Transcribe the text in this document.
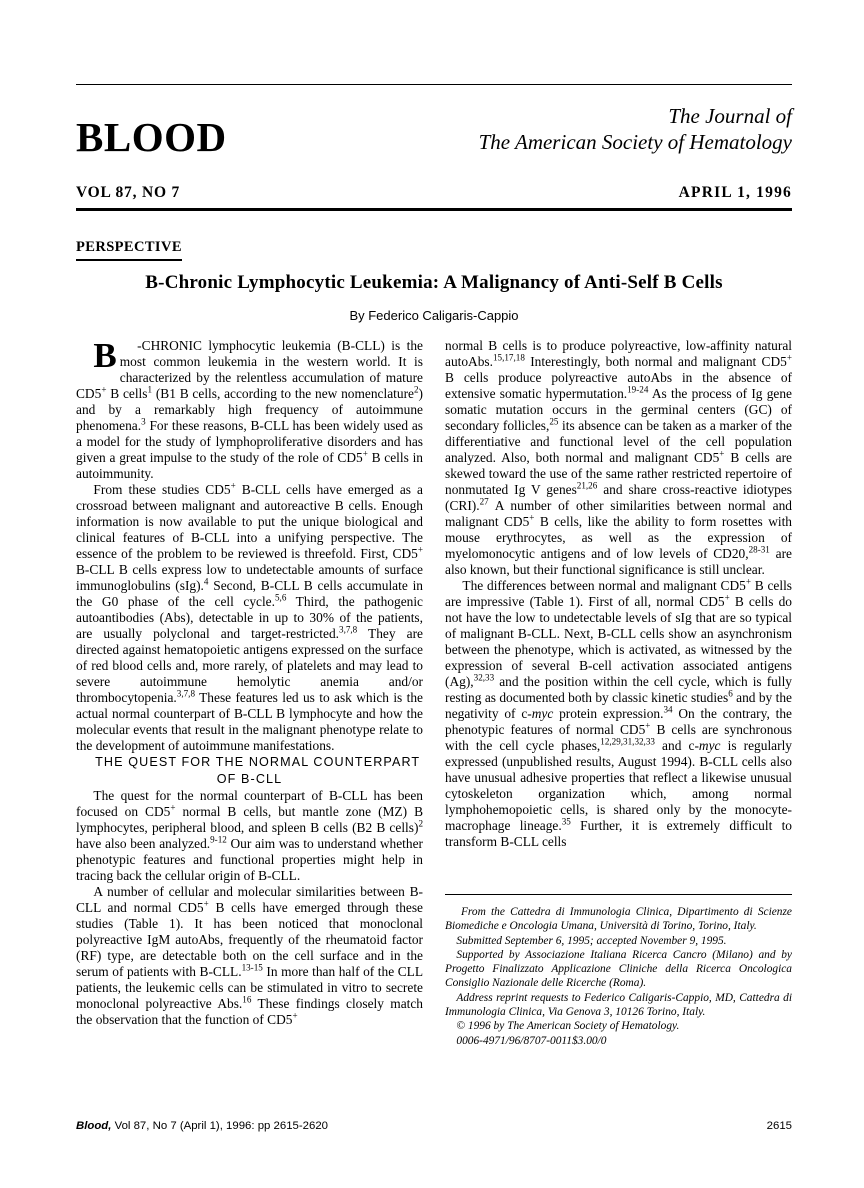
BLOOD	The Journal of
The American Society of Hematology
VOL 87, NO 7	APRIL 1, 1996
PERSPECTIVE
B-Chronic Lymphocytic Leukemia: A Malignancy of Anti-Self B Cells
By Federico Caligaris-Cappio

B -CHRONIC lymphocytic leukemia (B-CLL) is the most common leukemia in the western world. It is characterized by the relentless accumulation of mature CD5+ B cells$^1$ (B1 B cells, according to the new nomenclature$^2$) and by a remarkably high frequency of autoimmune phenomena.$^3$ For these reasons, B-CLL has been widely used as a model for the study of lymphoproliferative disorders and has given a great impulse to the study of the role of CD5+ B cells in autoimmunity.

From these studies CD5+ B-CLL cells have emerged as a crossroad between malignant and autoreactive B cells. Enough information is now available to put the unique biological and clinical features of B-CLL into a unifying perspective. The essence of the problem to be reviewed is threefold. First, CD5+ B-CLL B cells express low to undetectable amounts of surface immunoglobulins (sIg).$^4$ Second, B-CLL B cells accumulate in the G0 phase of the cell cycle.$^{5,6}$ Third, the pathogenic autoantibodies (Abs), detectable in up to 30% of the patients, are usually polyclonal and target-restricted.$^{3,7,8}$ They are directed against hematopoietic antigens expressed on the surface of red blood cells and, more rarely, of platelets and may lead to severe autoimmune hemolytic anemia and/or thrombocytopenia.$^{3,7,8}$ These features led us to ask which is the actual normal counterpart of B-CLL B lymphocyte and how the molecular events that result in the malignant phenotype relate to the development of autoimmune manifestations.

THE QUEST FOR THE NORMAL COUNTERPART
OF B-CLL

The quest for the normal counterpart of B-CLL has been focused on CD5+ normal B cells, but mantle zone (MZ) B lymphocytes, peripheral blood, and spleen B cells (B2 B cells)$^2$ have also been analyzed.$^{9-12}$ Our aim was to understand whether phenotypic features and functional properties might help in tracing back the cellular origin of B-CLL.

A number of cellular and molecular similarities between B-CLL and normal CD5+ B cells have emerged through these studies (Table 1). It has been noticed that monoclonal polyreactive IgM autoAbs, frequently of the rheumatoid factor (RF) type, are detectable both on the cell surface and in the serum of patients with B-CLL.$^{13-15}$ In more than half of the CLL patients, the leukemic cells can be stimulated in vitro to secrete monoclonal polyreactive Abs.$^{16}$ These findings closely match the observation that the function of CD5+

normal B cells is to produce polyreactive, low-affinity natural autoAbs.$^{15,17,18}$ Interestingly, both normal and malignant CD5+ B cells produce polyreactive autoAbs in the absence of extensive somatic hypermutation.$^{19-24}$ As the process of Ig gene somatic mutation occurs in the germinal centers (GC) of secondary follicles,$^{25}$ its absence can be taken as a marker of the differentiative and functional level of the cell population analyzed. Also, both normal and malignant CD5+ B cells are skewed toward the use of the same rather restricted repertoire of nonmutated Ig V genes$^{21,26}$ and share cross-reactive idiotypes (CRI).$^{27}$ A number of other similarities between normal and malignant CD5+ B cells, like the ability to form rosettes with mouse erythrocytes, as well as the expression of myelomonocytic antigens and of low levels of CD20,$^{28-31}$ are also known, but their functional significance is still unclear.

The differences between normal and malignant CD5+ B cells are impressive (Table 1). First of all, normal CD5+ B cells do not have the low to undetectable levels of sIg that are so typical of malignant B-CLL. Next, B-CLL cells show an asynchronism between the phenotype, which is activated, as witnessed by the expression of several B-cell activation associated antigens (Ag),$^{32,33}$ and the position within the cell cycle, which is fully resting as documented both by classic kinetic studies$^6$ and by the negativity of c-myc protein expression.$^{34}$ On the contrary, the phenotypic features of normal CD5+ B cells are synchronous with the cell cycle phases,$^{12,29,31,32,33}$ and c-myc is regularly expressed (unpublished results, August 1994). B-CLL cells also have unusual adhesive properties that reflect a likewise unusual cytoskeleton organization which, among normal lymphohemopoietic cells, is shared only by the monocyte-macrophage lineage.$^{35}$ Further, it is extremely difficult to transform B-CLL cells

From the Cattedra di Immunologia Clinica, Dipartimento di Scienze Biomediche e Oncologia Umana, Università di Torino, Torino, Italy.

Submitted September 6, 1995; accepted November 9, 1995.

Supported by Associazione Italiana Ricerca Cancro (Milano) and by Progetto Finalizzato Applicazione Cliniche della Ricerca Oncologica Consiglio Nazionale delle Ricerche (Roma).

Address reprint requests to Federico Caligaris-Cappio, MD, Cattedra di Immunologia Clinica, Via Genova 3, 10126 Torino, Italy.

© 1996 by The American Society of Hematology.

0006-4971/96/8707-0011$3.00/0

Blood, Vol 87, No 7 (April 1), 1996: pp 2615-2620	2615
